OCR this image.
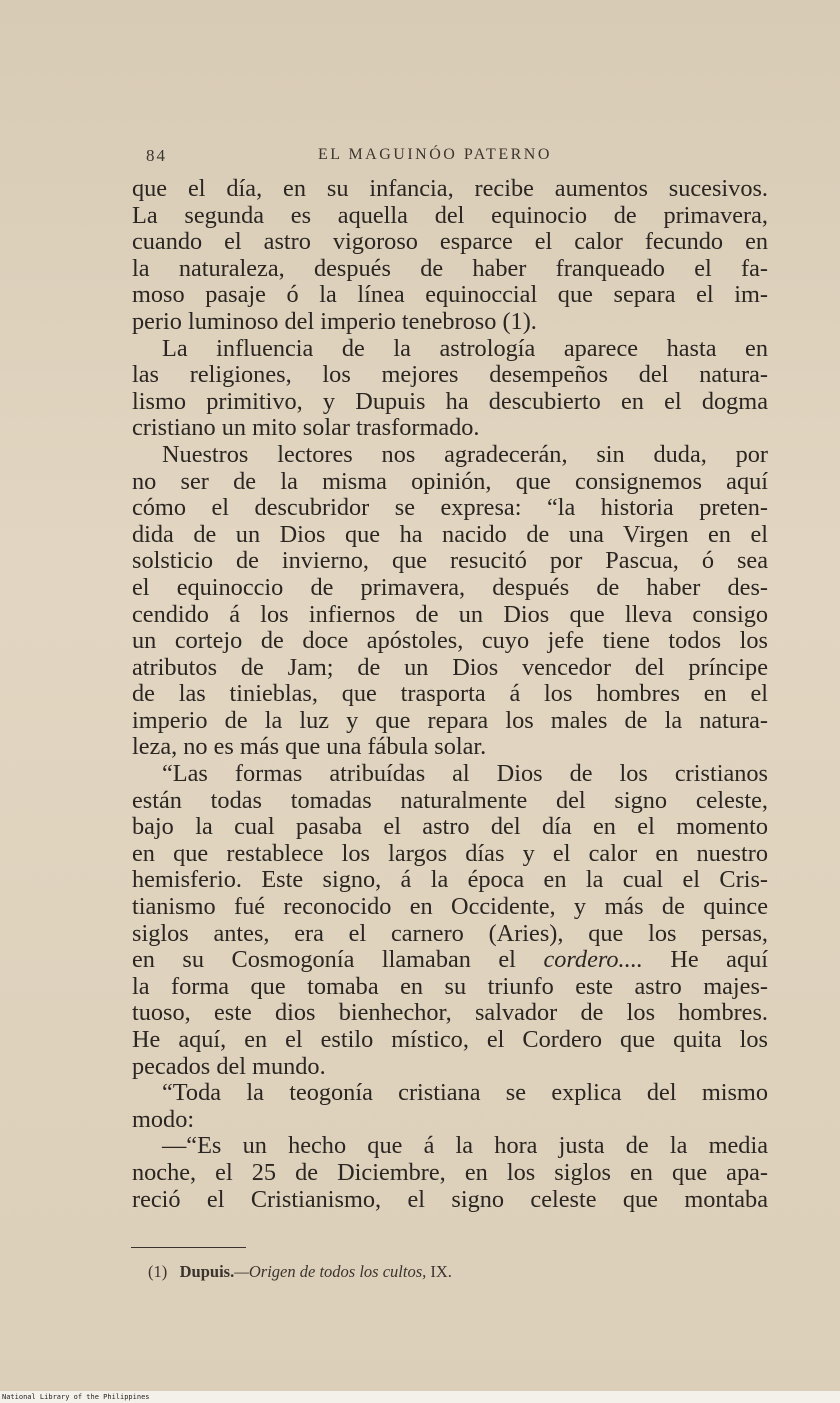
84	EL MAGUINÓO PATERNO
que el día, en su infancia, recibe aumentos sucesivos.
La segunda es aquella del equinocio de primavera,
cuando el astro vigoroso esparce el calor fecundo en
la naturaleza, después de haber franqueado el fa-
moso pasaje ó la línea equinoccial que separa el im-
perio luminoso del imperio tenebroso (1).
La influencia de la astrología aparece hasta en
las religiones, los mejores desempeños del natura-
lismo primitivo, y Dupuis ha descubierto en el dogma
cristiano un mito solar trasformado.
Nuestros lectores nos agradecerán, sin duda, por
no ser de la misma opinión, que consignemos aquí
cómo el descubridor se expresa: “la historia preten-
dida de un Dios que ha nacido de una Virgen en el
solsticio de invierno, que resucitó por Pascua, ó sea
el equinoccio de primavera, después de haber des-
cendido á los infiernos de un Dios que lleva consigo
un cortejo de doce apóstoles, cuyo jefe tiene todos los
atributos de Jam; de un Dios vencedor del príncipe
de las tinieblas, que trasporta á los hombres en el
imperio de la luz y que repara los males de la natura-
leza, no es más que una fábula solar.
“Las formas atribuídas al Dios de los cristianos
están todas tomadas naturalmente del signo celeste,
bajo la cual pasaba el astro del día en el momento
en que restablece los largos días y el calor en nuestro
hemisferio. Este signo, á la época en la cual el Cris-
tianismo fué reconocido en Occidente, y más de quince
siglos antes, era el carnero (Aries), que los persas,
en su Cosmogonía llamaban el cordero.... He aquí
la forma que tomaba en su triunfo este astro majes-
tuoso, este dios bienhechor, salvador de los hombres.
He aquí, en el estilo místico, el Cordero que quita los
pecados del mundo.
“Toda la teogonía cristiana se explica del mismo
modo:
—“Es un hecho que á la hora justa de la media
noche, el 25 de Diciembre, en los siglos en que apa-
reció el Cristianismo, el signo celeste que montaba
(1) Dupuis.—Origen de todos los cultos, IX.
National Library of the Philippines
